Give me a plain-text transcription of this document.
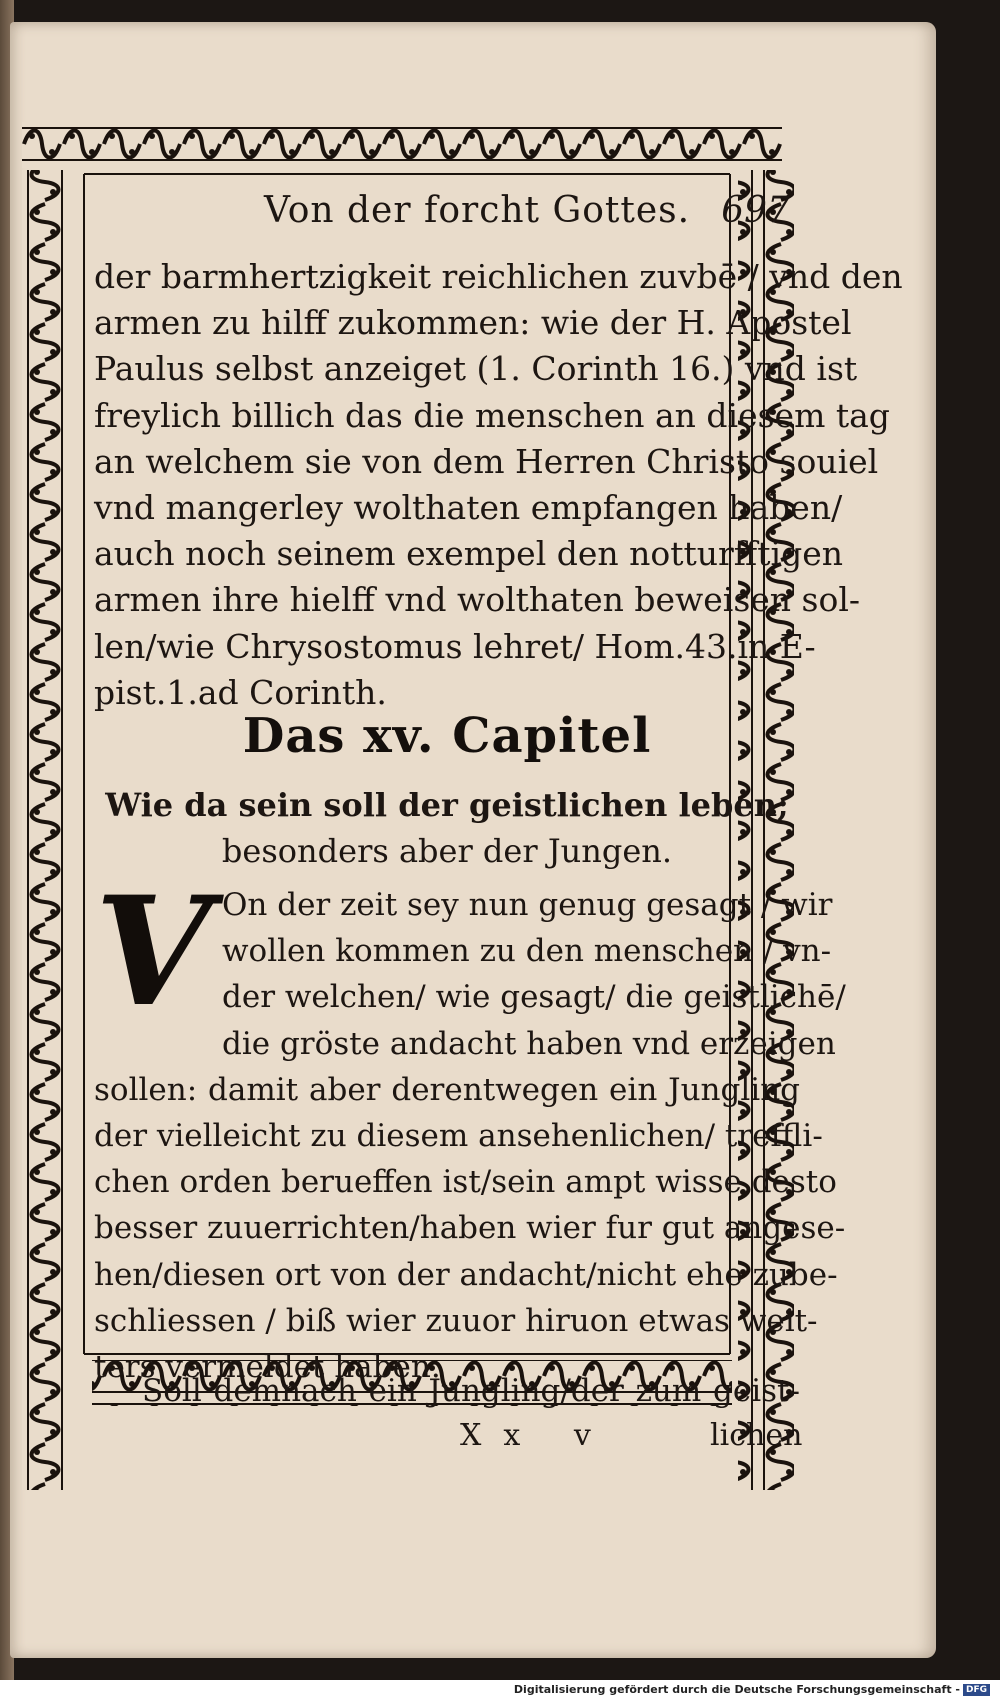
Von der forcht Gottes. 697
der barmhertzigkeit reichlichen zuvbē / vnd den
armen zu hilff zukommen: wie der H. Apostel
Paulus selbst anzeiget (1. Corinth 16.) vnd ist
freylich billich das die menschen an diesem tag
an welchem sie von dem Herren Christo souiel
vnd mangerley wolthaten empfangen haben/
auch noch seinem exempel den notturfftigen
armen ihre hielff vnd wolthaten beweisen sol-
len/wie Chrysostomus lehret/ Hom.43.in E-
pist.1.ad Corinth.
Das xv. Capitel
Wie da sein soll der geistlichen leben;
besonders aber der Jungen.
V On der zeit sey nun genug gesagt / wir
wollen kommen zu den menschen / vn-
der welchen/ wie gesagt/ die geistlichē/
die gröste andacht haben vnd erzeigen
sollen: damit aber derentwegen ein Jungling
der vielleicht zu diesem ansehenlichen/ treffli-
chen orden berueffen ist/sein ampt wisse desto
besser zuuerrichten/haben wier fur gut angese-
hen/diesen ort von der andacht/nicht ehe zube-
schliessen / biß wier zuuor hiruon etwas weit-
ters vermeldet haben.
Soll demnach ein Jungling/der zum geist-
Xx v	lichen
Digitalisierung gefördert durch die Deutsche Forschungsgemeinschaft - DFG
